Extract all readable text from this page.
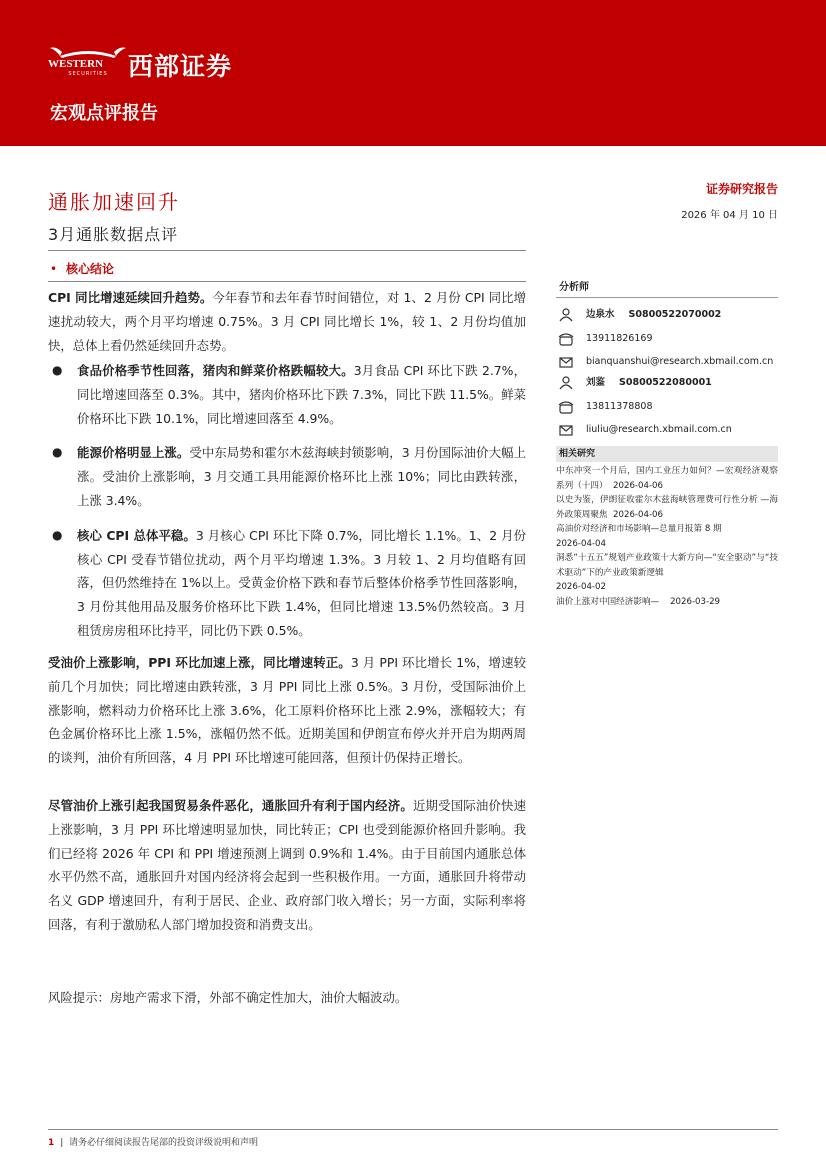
WESTERN
SECURITIES 西部证券
宏观点评报告
通胀加速回升
3月通胀数据点评
证券研究报告
2026 年 04 月 10 日
• 核心结论

CPI 同比增速延续回升趋势。今年春节和去年春节时间错位，对 1、2 月份 CPI 同比增速扰动较大，两个月平均增速 0.75%。3 月 CPI 同比增长 1%，较 1、2 月份均值加快，总体上看仍然延续回升态势。

● 食品价格季节性回落，猪肉和鲜菜价格跌幅较大。3月食品 CPI 环比下跌 2.7%，同比增速回落至 0.3%。其中，猪肉价格环比下跌 7.3%，同比下跌 11.5%。鲜菜价格环比下跌 10.1%，同比增速回落至 4.9%。
● 能源价格明显上涨。受中东局势和霍尔木兹海峡封锁影响，3 月份国际油价大幅上涨。受油价上涨影响，3 月交通工具用能源价格环比上涨 10%；同比由跌转涨，上涨 3.4%。
● 核心 CPI 总体平稳。3 月核心 CPI 环比下降 0.7%，同比增长 1.1%。1、2 月份核心 CPI 受春节错位扰动，两个月平均增速 1.3%。3 月较 1、2 月均值略有回落，但仍然维持在 1%以上。受黄金价格下跌和春节后整体价格季节性回落影响，3 月份其他用品及服务价格环比下跌 1.4%，但同比增速 13.5%仍然较高。3 月租赁房房租环比持平，同比仍下跌 0.5%。

受油价上涨影响，PPI 环比加速上涨，同比增速转正。3 月 PPI 环比增长 1%，增速较前几个月加快；同比增速由跌转涨，3 月 PPI 同比上涨 0.5%。3 月份，受国际油价上涨影响，燃料动力价格环比上涨 3.6%，化工原料价格环比上涨 2.9%，涨幅较大；有色金属价格环比上涨 1.5%，涨幅仍然不低。近期美国和伊朗宣布停火并开启为期两周的谈判，油价有所回落，4 月 PPI 环比增速可能回落，但预计仍保持正增长。

尽管油价上涨引起我国贸易条件恶化，通胀回升有利于国内经济。近期受国际油价快速上涨影响，3 月 PPI 环比增速明显加快，同比转正；CPI 也受到能源价格回升影响。我们已经将 2026 年 CPI 和 PPI 增速预测上调到 0.9%和 1.4%。由于目前国内通胀总体水平仍然不高，通胀回升对国内经济将会起到一些积极作用。一方面，通胀回升将带动名义 GDP 增速回升，有利于居民、企业、政府部门收入增长；另一方面，实际利率将回落，有利于激励私人部门增加投资和消费支出。

风险提示：房地产需求下滑，外部不确定性加大，油价大幅波动。
分析师
边泉水 S0800522070002
13911826169
bianquanshui@research.xbmail.com.cn
刘鉴 S0800522080001
13811378808
liuliu@research.xbmail.com.cn
相关研究
中东冲突一个月后，国内工业压力如何？—宏观经济观察系列（十四） 2026-04-06
以史为鉴，伊朗征收霍尔木兹海峡管理费可行性分析 —海外政策周聚焦 2026-04-06
高油价对经济和市场影响—总量月报第 8 期
2026-04-04
洞悉“十五五”规划产业政策十大新方向—“安全驱动”与“技术驱动”下的产业政策新逻辑
2026-04-02
油价上涨对中国经济影响— 2026-03-29
1 | 请务必仔细阅读报告尾部的投资评级说明和声明
